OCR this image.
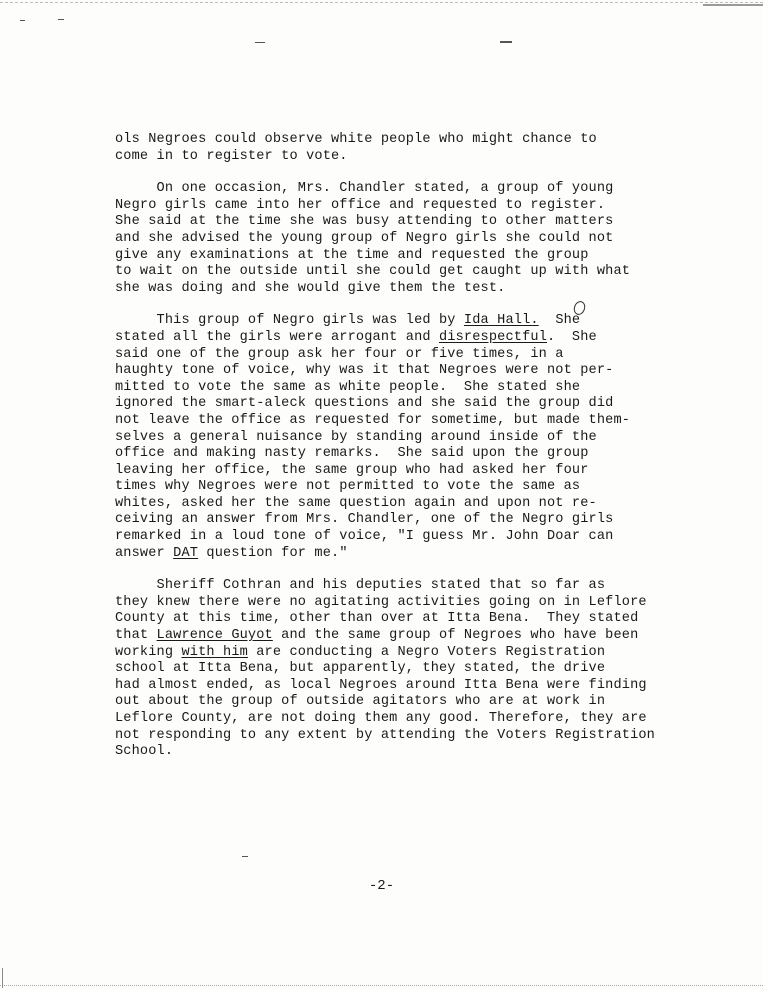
ols Negroes could observe white people who might chance to
come in to register to vote.

On one occasion, Mrs. Chandler stated, a group of young
Negro girls came into her office and requested to register.
She said at the time she was busy attending to other matters
and she advised the young group of Negro girls she could not
give any examinations at the time and requested the group
to wait on the outside until she could get caught up with what
she was doing and she would give them the test.

This group of Negro girls was led by Ida Hall.  She
stated all the girls were arrogant and disrespectful.  She
said one of the group ask her four or five times, in a
haughty tone of voice, why was it that Negroes were not per-
mitted to vote the same as white people.  She stated she
ignored the smart-aleck questions and she said the group did
not leave the office as requested for sometime, but made them-
selves a general nuisance by standing around inside of the
office and making nasty remarks.  She said upon the group
leaving her office, the same group who had asked her four
times why Negroes were not permitted to vote the same as
whites, asked her the same question again and upon not re-
ceiving an answer from Mrs. Chandler, one of the Negro girls
remarked in a loud tone of voice, "I guess Mr. John Doar can
answer DAT question for me."

Sheriff Cothran and his deputies stated that so far as
they knew there were no agitating activities going on in Leflore
County at this time, other than over at Itta Bena.  They stated
that Lawrence Guyot and the same group of Negroes who have been
working with him are conducting a Negro Voters Registration
school at Itta Bena, but apparently, they stated, the drive
had almost ended, as local Negroes around Itta Bena were finding
out about the group of outside agitators who are at work in
Leflore County, are not doing them any good. Therefore, they are
not responding to any extent by attending the Voters Registration
School.

-2-
